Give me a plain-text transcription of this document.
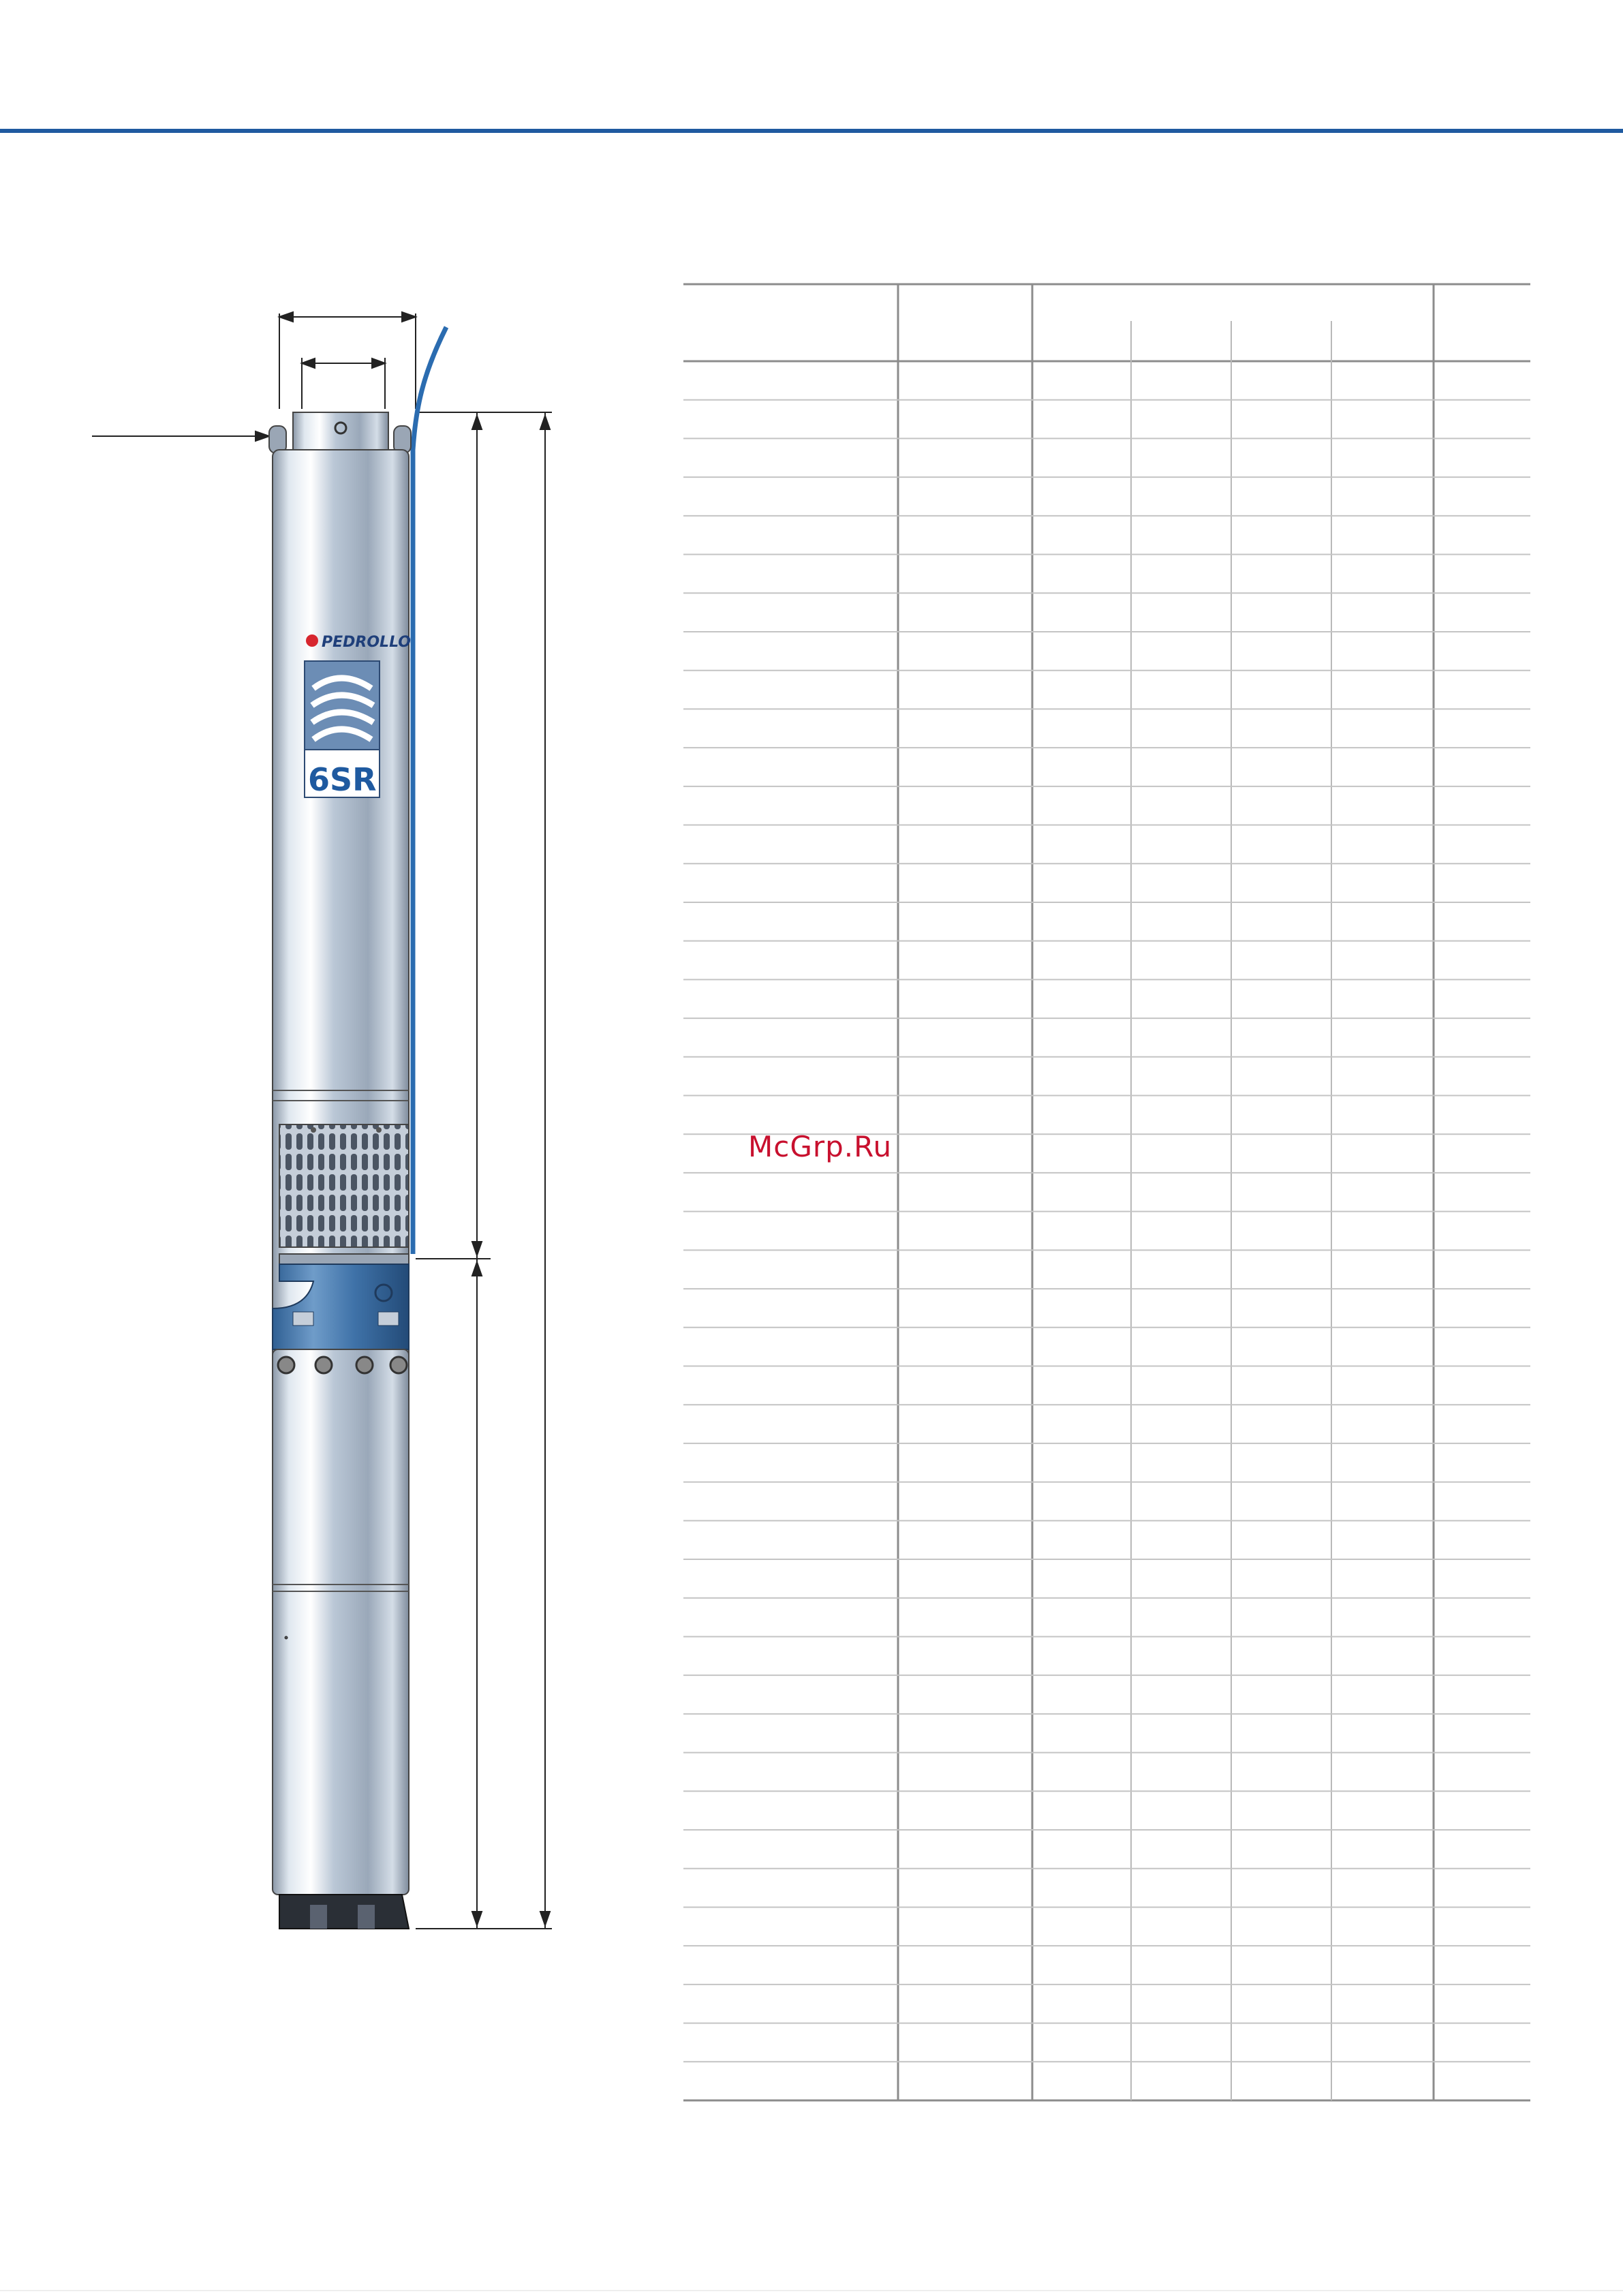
PEDROLLO
6SR
McGrp.Ru
